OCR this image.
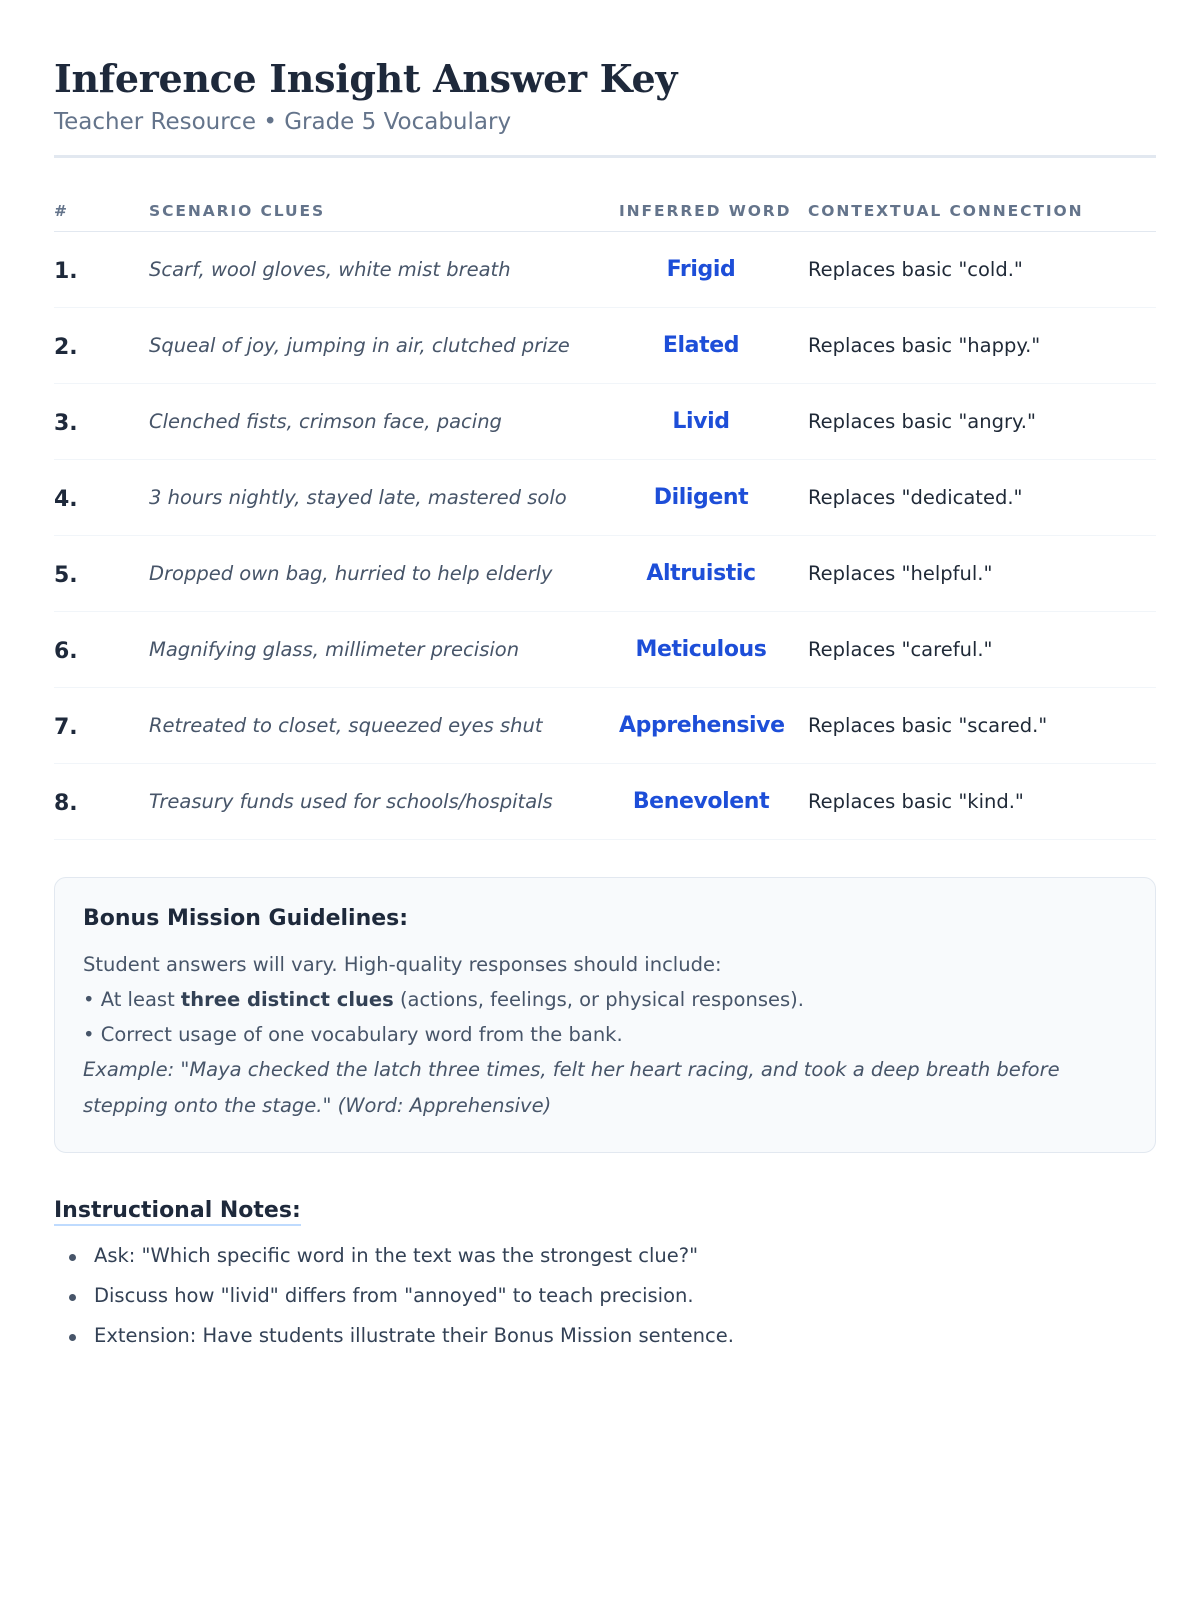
Inference Insight Answer Key
Teacher Resource • Grade 5 Vocabulary
#	SCENARIO CLUES	INFERRED WORD CONTEXTUAL CONNECTION
1.	Scarf, wool gloves, white mist breath	Frigid	Replaces basic "cold."
2.	Squeal of joy, jumping in air, clutched prize	Elated	Replaces basic "happy."
3.	Clenched fists, crimson face, pacing	Livid	Replaces basic "angry."
4.	3 hours nightly, stayed late, mastered solo	Diligent	Replaces "dedicated."
5.	Dropped own bag, hurried to help elderly	Altruistic	Replaces "helpful."
6.	Magnifying glass, millimeter precision	Meticulous	Replaces "careful."
7.	Retreated to closet, squeezed eyes shut	Apprehensive Replaces basic "scared."
8.	Treasury funds used for schools/hospitals	Benevolent	Replaces basic "kind."
Bonus Mission Guidelines:
Student answers will vary. High-quality responses should include:
• At least three distinct clues (actions, feelings, or physical responses).
• Correct usage of one vocabulary word from the bank.
Example: "Maya checked the latch three times, felt her heart racing, and took a deep breath before stepping onto the stage." (Word: Apprehensive)
Instructional Notes:
Ask: "Which specific word in the text was the strongest clue?"
Discuss how "livid" differs from "annoyed" to teach precision.
Extension: Have students illustrate their Bonus Mission sentence.
